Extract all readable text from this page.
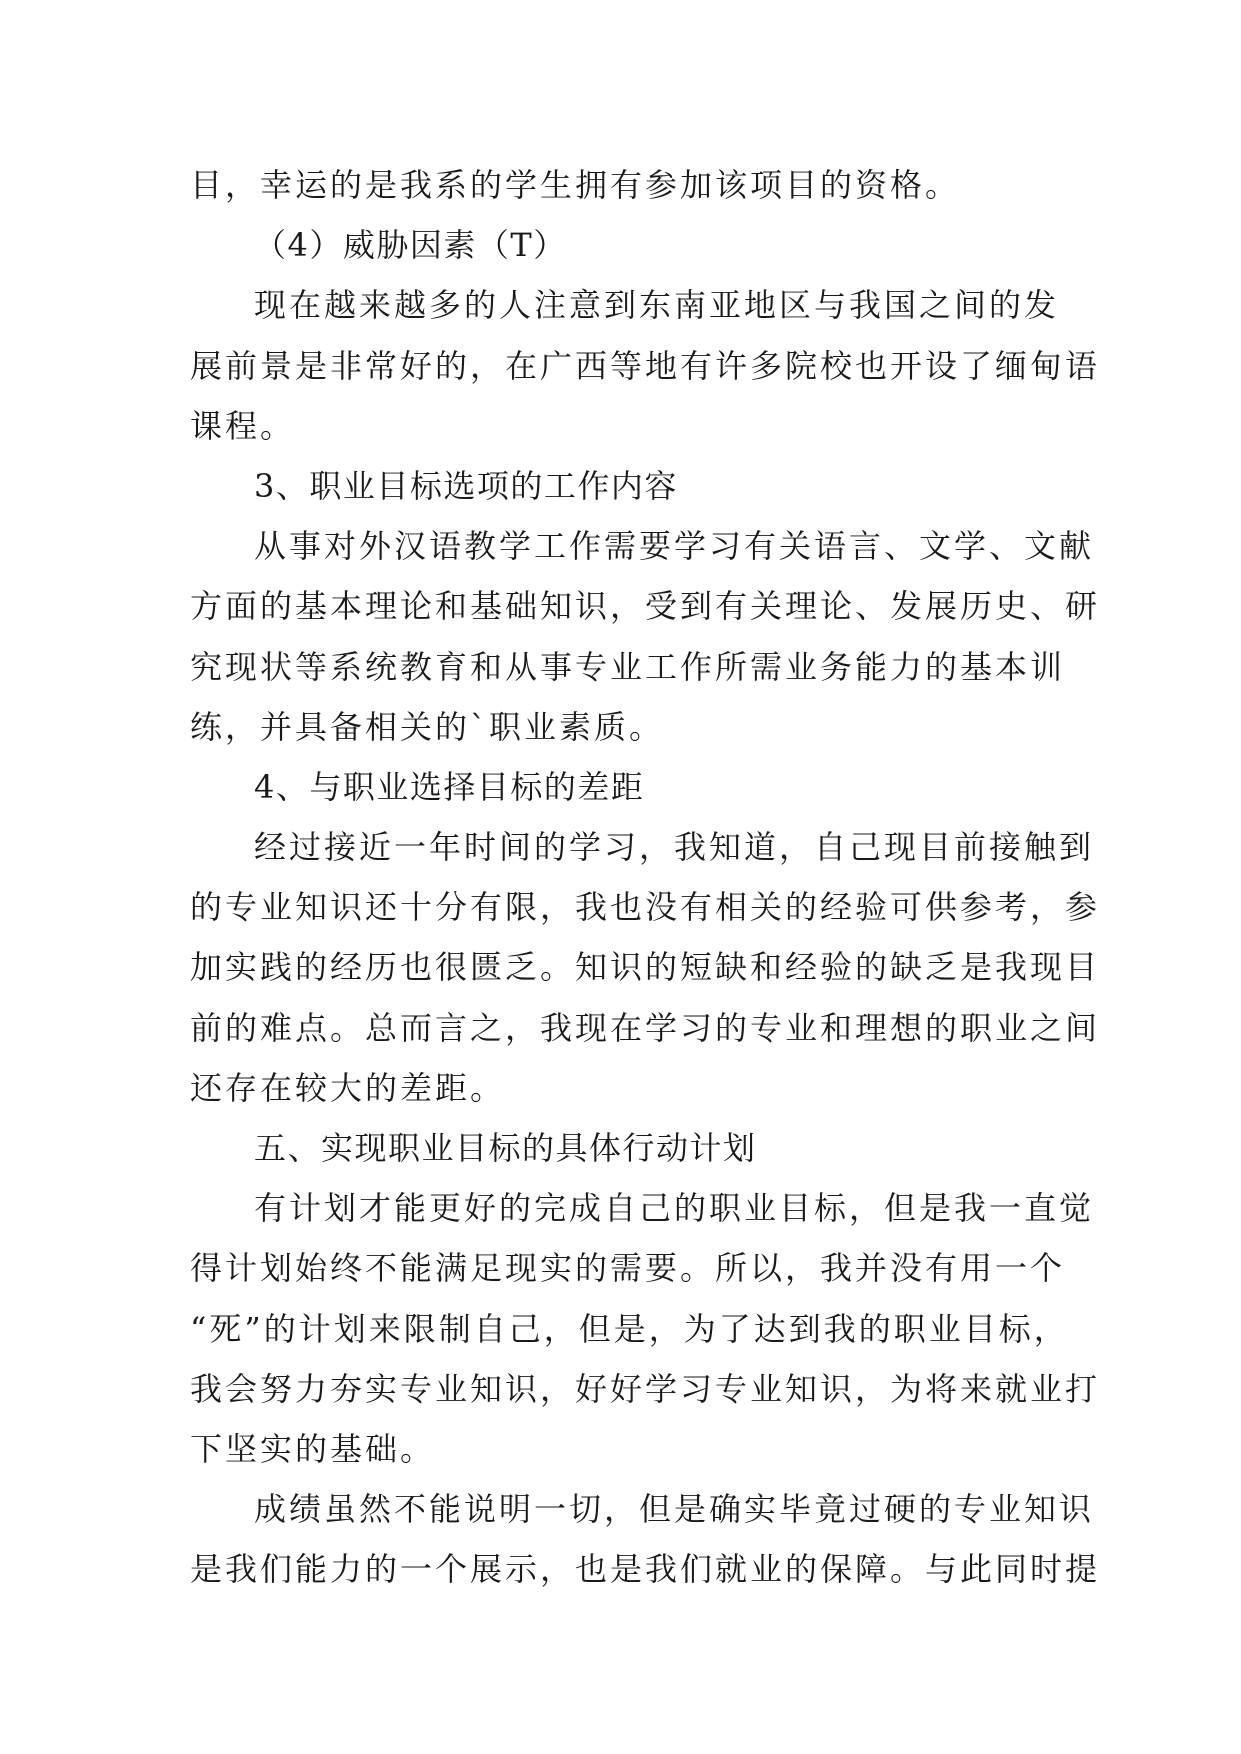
目，幸运的是我系的学生拥有参加该项目的资格。
（4）威胁因素（T）
现在越来越多的人注意到东南亚地区与我国之间的发
展前景是非常好的，在广西等地有许多院校也开设了缅甸语
课程。
3、职业目标选项的工作内容
从事对外汉语教学工作需要学习有关语言、文学、文献
方面的基本理论和基础知识，受到有关理论、发展历史、研
究现状等系统教育和从事专业工作所需业务能力的基本训
练，并具备相关的`职业素质。
4、与职业选择目标的差距
经过接近一年时间的学习，我知道，自己现目前接触到
的专业知识还十分有限，我也没有相关的经验可供参考，参
加实践的经历也很匮乏。知识的短缺和经验的缺乏是我现目
前的难点。总而言之，我现在学习的专业和理想的职业之间
还存在较大的差距。
五、实现职业目标的具体行动计划
有计划才能更好的完成自己的职业目标，但是我一直觉
得计划始终不能满足现实的需要。所以，我并没有用一个
“死”的计划来限制自己，但是，为了达到我的职业目标，
我会努力夯实专业知识，好好学习专业知识，为将来就业打
下坚实的基础。
成绩虽然不能说明一切，但是确实毕竟过硬的专业知识
是我们能力的一个展示，也是我们就业的保障。与此同时提
